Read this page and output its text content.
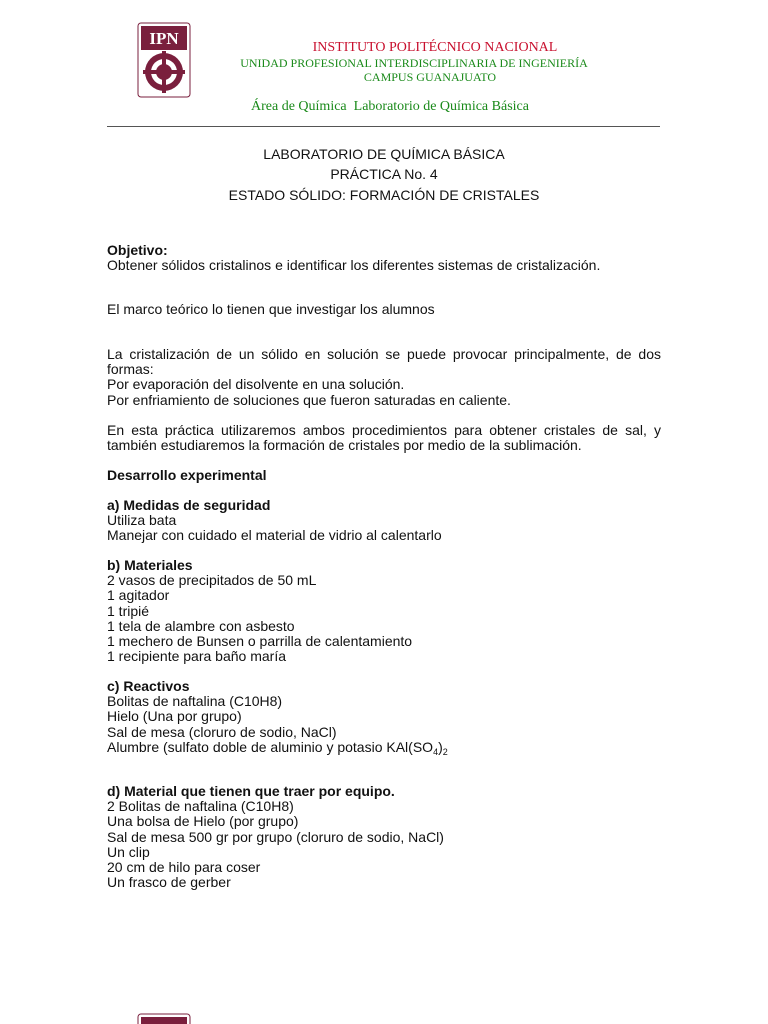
IPN	INSTITUTO POLITÉCNICO NACIONAL
UNIDAD PROFESIONAL INTERDISCIPLINARIA DE INGENIERÍA
CAMPUS GUANAJUATO
Área de Química  Laboratorio de Química Básica
LABORATORIO DE QUÍMICA BÁSICA
PRÁCTICA No. 4
ESTADO SÓLIDO: FORMACIÓN DE CRISTALES
Objetivo:
Obtener sólidos cristalinos e identificar los diferentes sistemas de cristalización.
El marco teórico lo tienen que investigar los alumnos
La cristalización de un sólido en solución se puede provocar principalmente, de dos formas:
Por evaporación del disolvente en una solución.
Por enfriamiento de soluciones que fueron saturadas en caliente.
En esta práctica utilizaremos ambos procedimientos para obtener cristales de sal, y también estudiaremos la formación de cristales por medio de la sublimación.
Desarrollo experimental
a) Medidas de seguridad
Utiliza bata
Manejar con cuidado el material de vidrio al calentarlo
b) Materiales
2 vasos de precipitados de 50 mL
1 agitador
1 tripié
1 tela de alambre con asbesto
1 mechero de Bunsen o parrilla de calentamiento
1 recipiente para baño maría
c) Reactivos
Bolitas de naftalina (C10H8)
Hielo (Una por grupo)
Sal de mesa (cloruro de sodio, NaCl)
Alumbre (sulfato doble de aluminio y potasio $KAl(SO_4)_2$
d) Material que tienen que traer por equipo.
2 Bolitas de naftalina (C10H8)
Una bolsa de Hielo (por grupo)
Sal de mesa 500 gr por grupo (cloruro de sodio, NaCl)
Un clip
20 cm de hilo para coser
Un frasco de gerber
